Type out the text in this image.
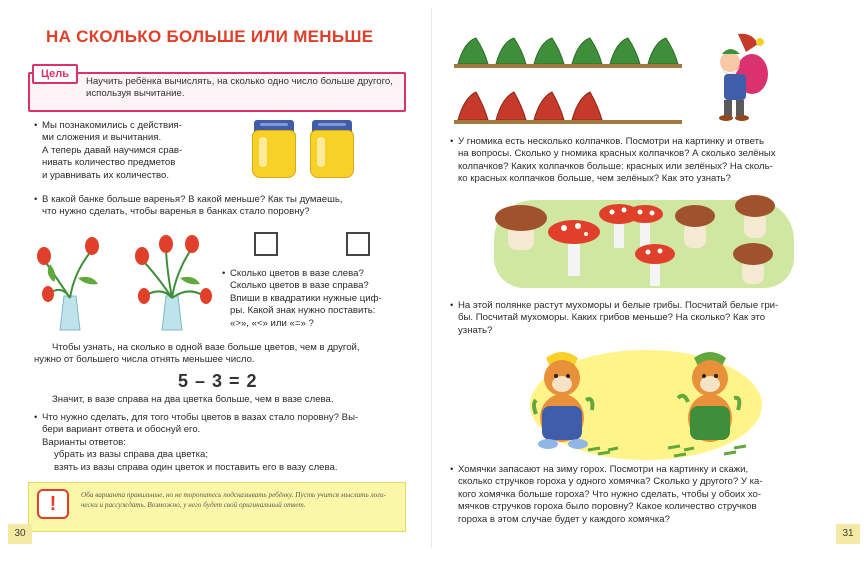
НА СКОЛЬКО БОЛЬШЕ ИЛИ МЕНЬШЕ
Цель
Научить ребёнка вычислять, на сколько одно число больше другого, используя вычитание.
• Мы познакомились с действия-
ми сложения и вычитания.
А теперь давай научимся срав-
нивать количество предметов
и уравнивать их количество.
• В какой банке больше варенья? В какой меньше? Как ты думаешь,
что нужно сделать, чтобы варенья в банках стало поровну?
• Сколько цветов в вазе слева?
Сколько цветов в вазе справа?
Впиши в квадратики нужные циф-
ры. Какой знак нужно поставить:
«>», «<» или «=» ?
Чтобы узнать, на сколько в одной вазе больше цветов, чем в другой,
нужно от большего числа отнять меньшее число.
5 – 3 = 2
Значит, в вазе справа на два цветка больше, чем в вазе слева.
• Что нужно сделать, для того чтобы цветов в вазах стало поровну? Вы-
бери вариант ответа и обоснуй его.
Варианты ответов:
убрать из вазы справа два цветка;
взять из вазы справа один цветок и поставить его в вазу слева.
!	Оба варианта правильные, но не торопитесь подсказывать ребёнку. Пусть учится мыслить логи-
чески и рассуждать. Возможно, у него будет свой оригинальный ответ.
30
• У гномика есть несколько колпачков. Посмотри на картинку и ответь
на вопросы. Сколько у гномика красных колпачков? А сколько зелёных
колпачков? Каких колпачков больше: красных или зелёных? На сколь-
ко красных колпачков больше, чем зелёных? Как это узнать?
• На этой полянке растут мухоморы и белые грибы. Посчитай белые гри-
бы. Посчитай мухоморы. Каких грибов меньше? На сколько? Как это
узнать?
• Хомячки запасают на зиму горох. Посмотри на картинку и скажи,
сколько стручков гороха у одного хомячка? Сколько у другого? У ка-
кого хомячка больше гороха? Что нужно сделать, чтобы у обоих хо-
мячков стручков гороха было поровну? Какое количество стручков
гороха в этом случае будет у каждого хомячка?
31
